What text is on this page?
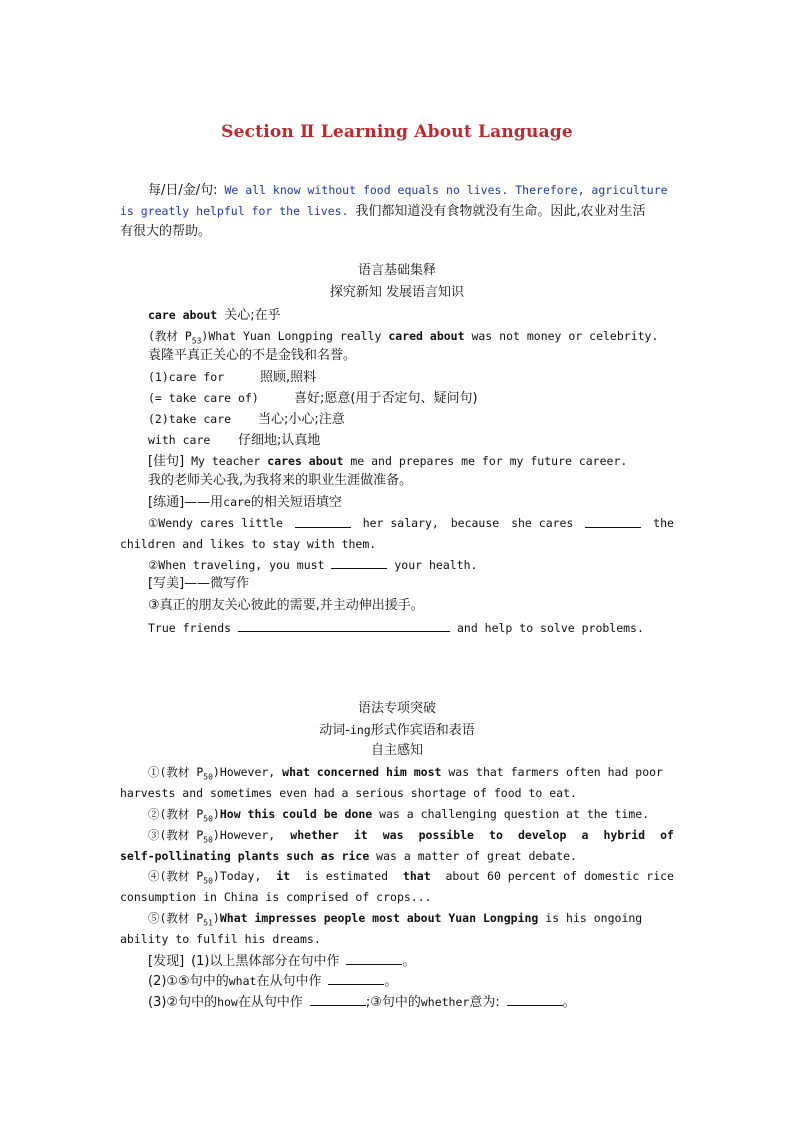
Section Ⅱ Learning About Language
每/日/金/句: We all know without food equals no lives. Therefore, agriculture
is greatly helpful for the lives. 我们都知道没有食物就没有生命。因此,农业对生活
有很大的帮助。
语言基础集释
探究新知 发展语言知识
care about 关心;在乎
(教材 $P_{53})What$ Yuan Longping really cared about was not money or celebrity.
袁隆平真正关心的不是金钱和名誉。
(1)care for	照顾,照料
(= take care of)	喜好;愿意(用于否定句、疑问句)
(2)take care 当心;小心;注意
with care 仔细地;认真地
[佳句] My teacher cares about me and prepares me for my future career.
我的老师关心我,为我将来的职业生涯做准备。
[练通]——用care的相关短语填空
①Wendy cares little	her salary, because she cares	the
children and likes to stay with them.
②When traveling, you must	your health.
[写美]——微写作
③真正的朋友关心彼此的需要,并主动伸出援手。
True friends	and help to solve problems.
语法专项突破
动词-ing形式作宾语和表语
自主感知
①(教材 $P_{50})However$, what concerned him most was that farmers often had poor
harvests and sometimes even had a serious shortage of food to eat.
②(教材 $P_{50})How$ this could be done was a challenging question at the time.
③(教材 $P_{50})However$, whether it was possible to develop a hybrid of
self-pollinating plants such as rice was a matter of great debate.
④(教材 $P_{50})Today$, it is estimated that about 60 percent of domestic rice
consumption in China is comprised of crops...
⑤(教材 $P_{51})What$ impresses people most about Yuan Longping is his ongoing
ability to fulfil his dreams.
[发现] (1)以上黑体部分在句中作	。
(2)①⑤句中的what在从句中作	。
(3)②句中的how在从句中作	;③句中的whether意为:	。
